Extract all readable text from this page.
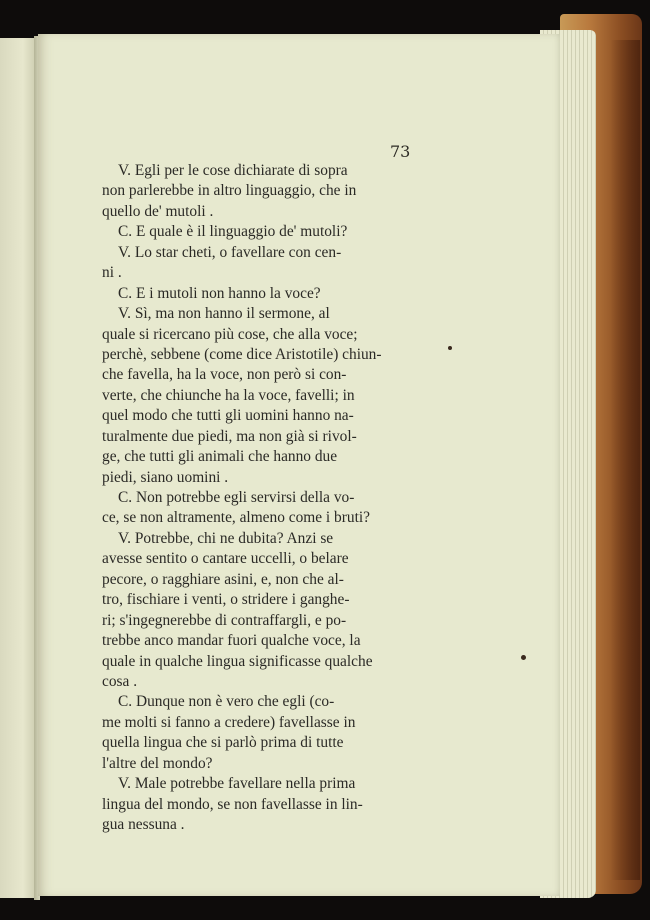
73
V. Egli per le cose dichiarate di sopra
non parlerebbe in altro linguaggio, che in
quello de' mutoli .
C. E quale è il linguaggio de' mutoli?
V. Lo star cheti, o favellare con cen-
ni .
C. E i mutoli non hanno la voce?
V. Sì, ma non hanno il sermone, al
quale si ricercano più cose, che alla voce;
perchè, sebbene (come dice Aristotile) chiun-
che favella, ha la voce, non però si con-
verte, che chiunche ha la voce, favelli; in
quel modo che tutti gli uomini hanno na-
turalmente due piedi, ma non già si rivol-
ge, che tutti gli animali che hanno due
piedi, siano uomini .
C. Non potrebbe egli servirsi della vo-
ce, se non altramente, almeno come i bruti?
V. Potrebbe, chi ne dubita? Anzi se
avesse sentito o cantare uccelli, o belare
pecore, o ragghiare asini, e, non che al-
tro, fischiare i venti, o stridere i ganghe-
ri; s'ingegnerebbe di contraffargli, e po-
trebbe anco mandar fuori qualche voce, la
quale in qualche lingua significasse qualche
cosa .
C. Dunque non è vero che egli (co-
me molti si fanno a credere) favellasse in
quella lingua che si parlò prima di tutte
l'altre del mondo?
V. Male potrebbe favellare nella prima
lingua del mondo, se non favellasse in lin-
gua nessuna .
